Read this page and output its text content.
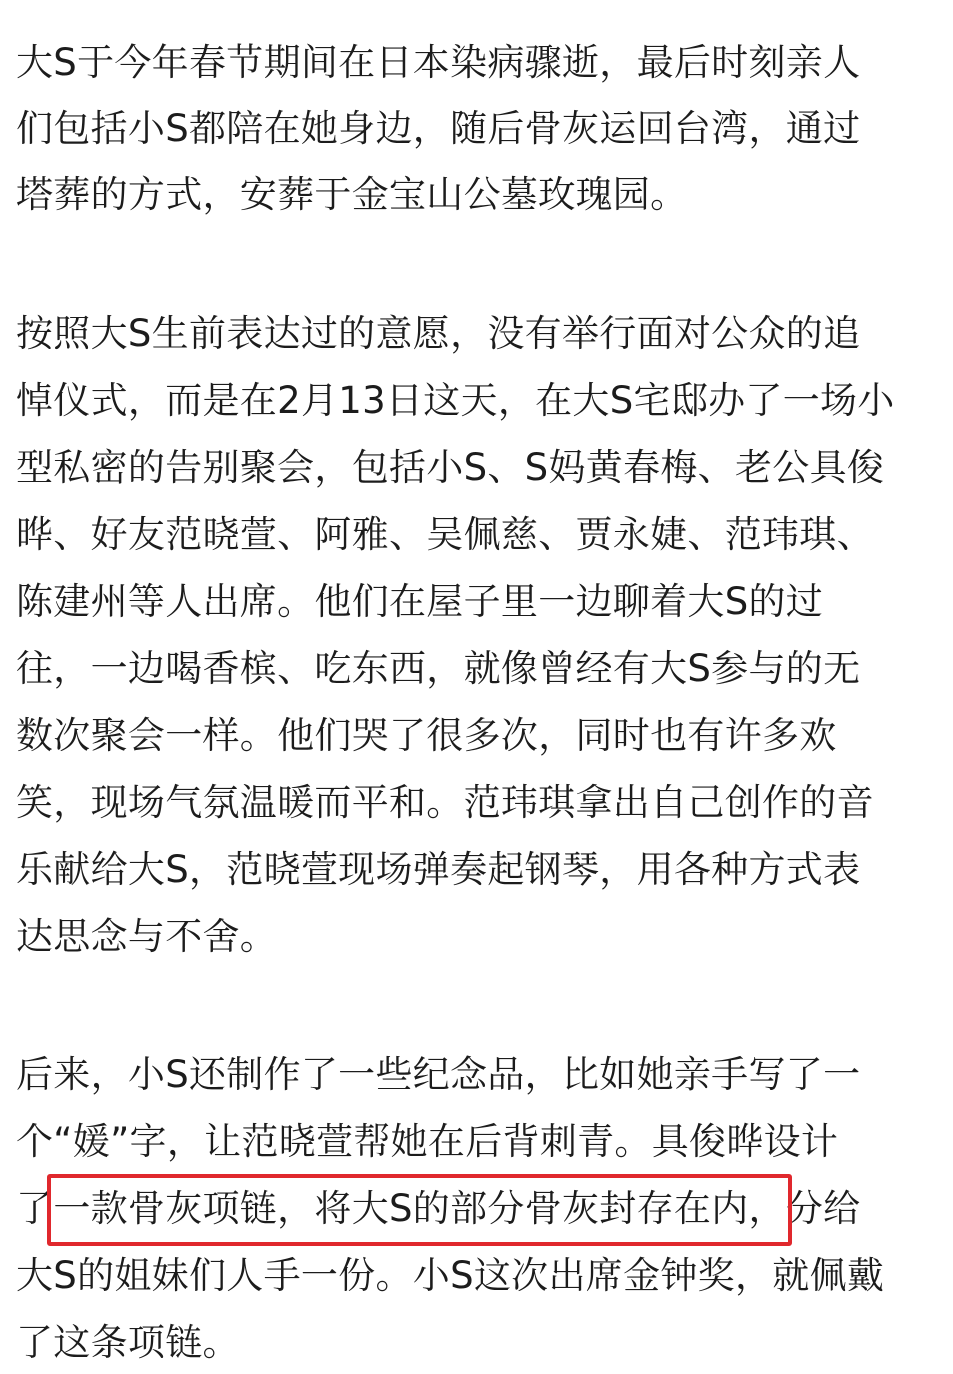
大S于今年春节期间在日本染病骤逝，最后时刻亲人
们包括小S都陪在她身边，随后骨灰运回台湾，通过
塔葬的方式，安葬于金宝山公墓玫瑰园。
按照大S生前表达过的意愿，没有举行面对公众的追
悼仪式，而是在2月13日这天，在大S宅邸办了一场小
型私密的告别聚会，包括小S、S妈黄春梅、老公具俊
晔、好友范晓萱、阿雅、吴佩慈、贾永婕、范玮琪、
陈建州等人出席。他们在屋子里一边聊着大S的过
往，一边喝香槟、吃东西，就像曾经有大S参与的无
数次聚会一样。他们哭了很多次，同时也有许多欢
笑，现场气氛温暖而平和。范玮琪拿出自己创作的音
乐献给大S，范晓萱现场弹奏起钢琴，用各种方式表
达思念与不舍。
后来，小S还制作了一些纪念品，比如她亲手写了一
个“媛”字，让范晓萱帮她在后背刺青。具俊晔设计
了一款骨灰项链，将大S的部分骨灰封存在内，
分给
大S的姐妹们人手一份。小S这次出席金钟奖，就佩戴
了这条项链。
